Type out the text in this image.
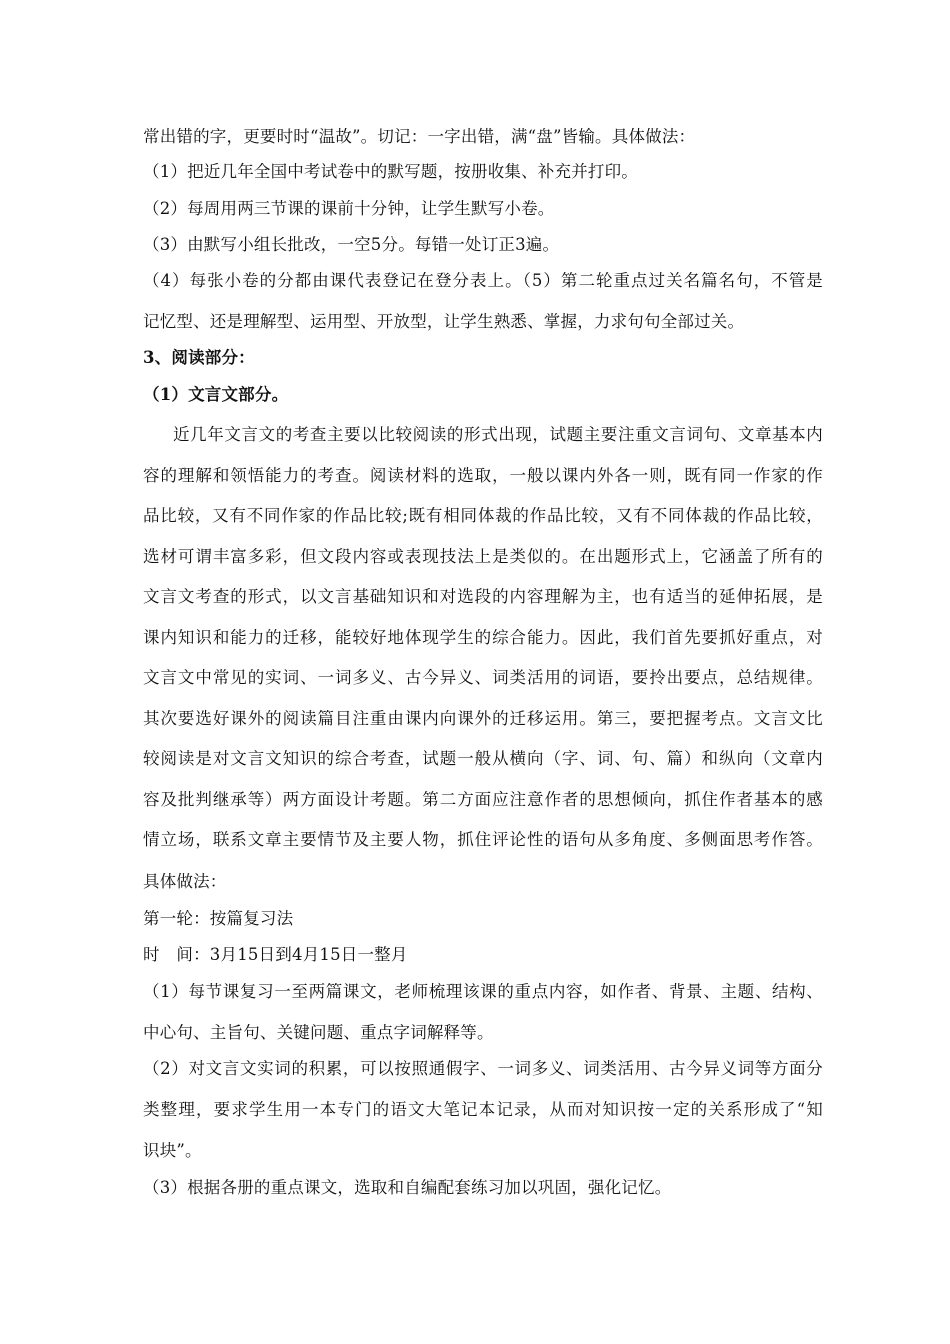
常出错的字，更要时时“温故”。切记：一字出错，满“盘”皆输。具体做法：
（1）把近几年全国中考试卷中的默写题，按册收集、补充并打印。
（2）每周用两三节课的课前十分钟，让学生默写小卷。
（3）由默写小组长批改，一空5分。每错一处订正3遍。
（4）每张小卷的分都由课代表登记在登分表上。（5）第二轮重点过关名篇名句，不管是
记忆型、还是理解型、运用型、开放型，让学生熟悉、掌握，力求句句全部过关。
3、阅读部分：
（1）文言文部分。
近几年文言文的考查主要以比较阅读的形式出现，试题主要注重文言词句、文章基本内
容的理解和领悟能力的考查。阅读材料的选取，一般以课内外各一则，既有同一作家的作
品比较，又有不同作家的作品比较;既有相同体裁的作品比较，又有不同体裁的作品比较，
选材可谓丰富多彩，但文段内容或表现技法上是类似的。在出题形式上，它涵盖了所有的
文言文考查的形式，以文言基础知识和对选段的内容理解为主，也有适当的延伸拓展，是
课内知识和能力的迁移，能较好地体现学生的综合能力。因此，我们首先要抓好重点，对
文言文中常见的实词、一词多义、古今异义、词类活用的词语，要拎出要点，总结规律。
其次要选好课外的阅读篇目注重由课内向课外的迁移运用。第三，要把握考点。文言文比
较阅读是对文言文知识的综合考查，试题一般从横向（字、词、句、篇）和纵向（文章内
容及批判继承等）两方面设计考题。第二方面应注意作者的思想倾向，抓住作者基本的感
情立场，联系文章主要情节及主要人物，抓住评论性的语句从多角度、多侧面思考作答。
具体做法：
第一轮：按篇复习法
时　间：3月15日到4月15日一整月
（1）每节课复习一至两篇课文，老师梳理该课的重点内容，如作者、背景、主题、结构、
中心句、主旨句、关键问题、重点字词解释等。
（2）对文言文实词的积累，可以按照通假字、一词多义、词类活用、古今异义词等方面分
类整理，要求学生用一本专门的语文大笔记本记录，从而对知识按一定的关系形成了“知
识块”。
（3）根据各册的重点课文，选取和自编配套练习加以巩固，强化记忆。
